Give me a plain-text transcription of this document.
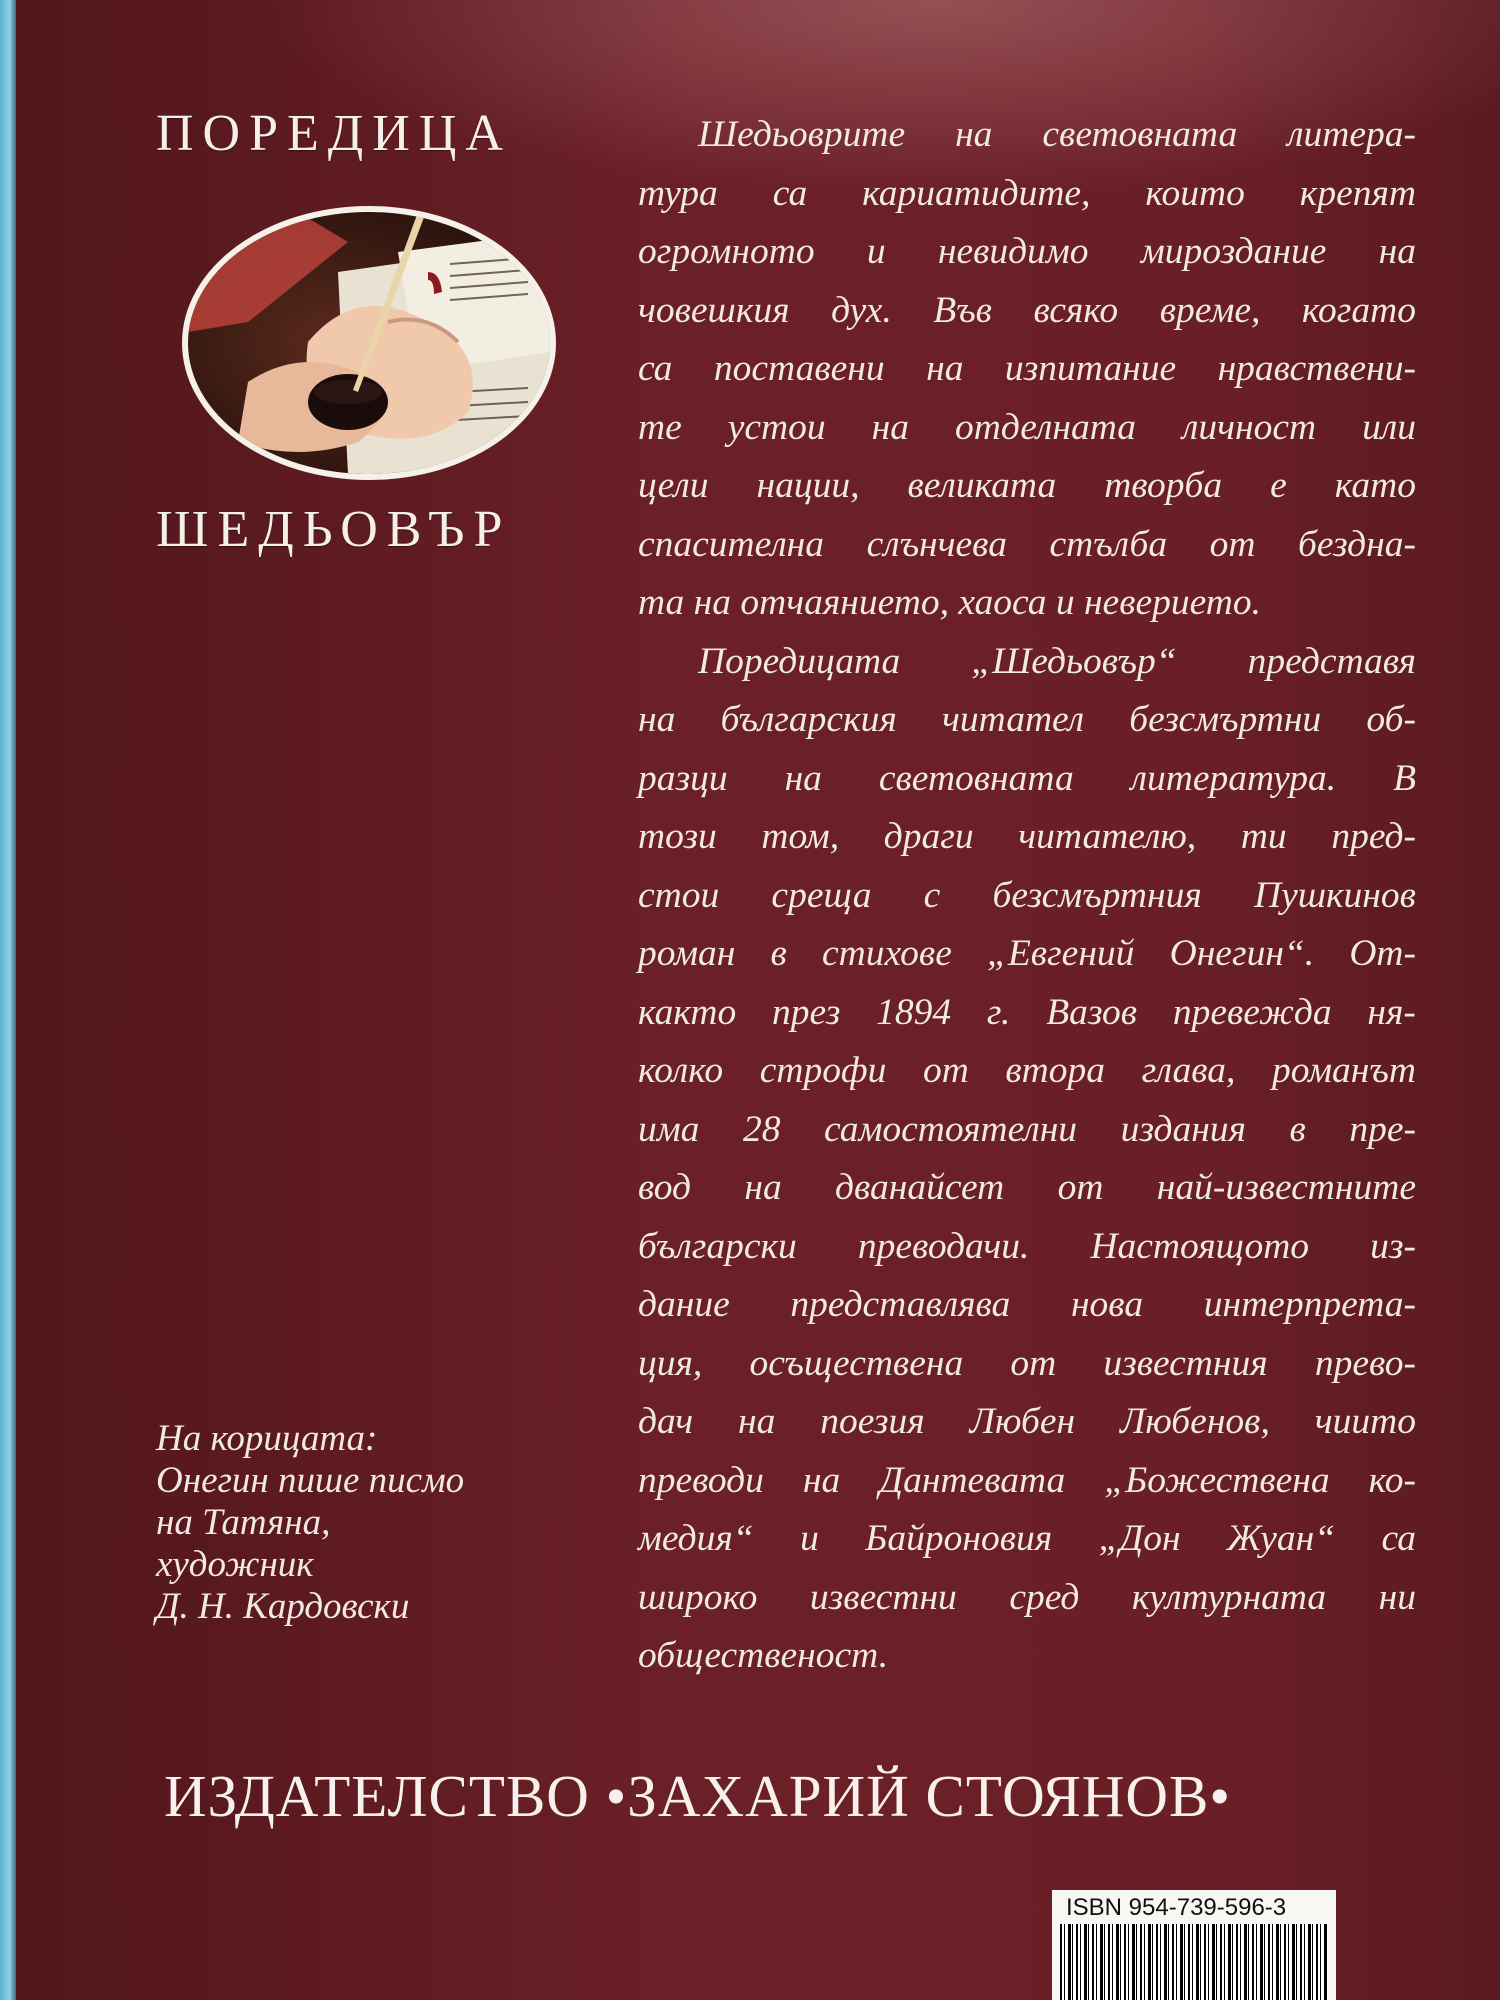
ПОРЕДИЦА
ШЕДЬОВЪР
На корицата:
Онегин пише писмо
на Татяна,
художник
Д. Н. Кардовски
Шедьоврите на световната литера-
тура са кариатидите, които крепят
огромното и невидимо мироздание на
човешкия дух. Във всяко време, когато
са поставени на изпитание нравствени-
те устои на отделната личност или
цели нации, великата творба е като
спасителна слънчева стълба от бездна-
та на отчаянието, хаоса и неверието.
Поредицата „Шедьовър“ представя
на българския читател безсмъртни об-
разци на световната литература. В
този том, драги читателю, ти пред-
стои среща с безсмъртния Пушкинов
роман в стихове „Евгений Онегин“. От-
както през 1894 г. Вазов превежда ня-
колко строфи от втора глава, романът
има 28 самостоятелни издания в пре-
вод на дванайсет от най-известните
български преводачи. Настоящото из-
дание представлява нова интерпрета-
ция, осъществена от известния прево-
дач на поезия Любен Любенов, чиито
преводи на Дантевата „Божествена ко-
медия“ и Байроновия „Дон Жуан“ са
широко известни сред културната ни
общественост.
ИЗДАТЕЛСТВО •ЗАХАРИЙ СТОЯНОВ•
ISBN 954-739-596-3
